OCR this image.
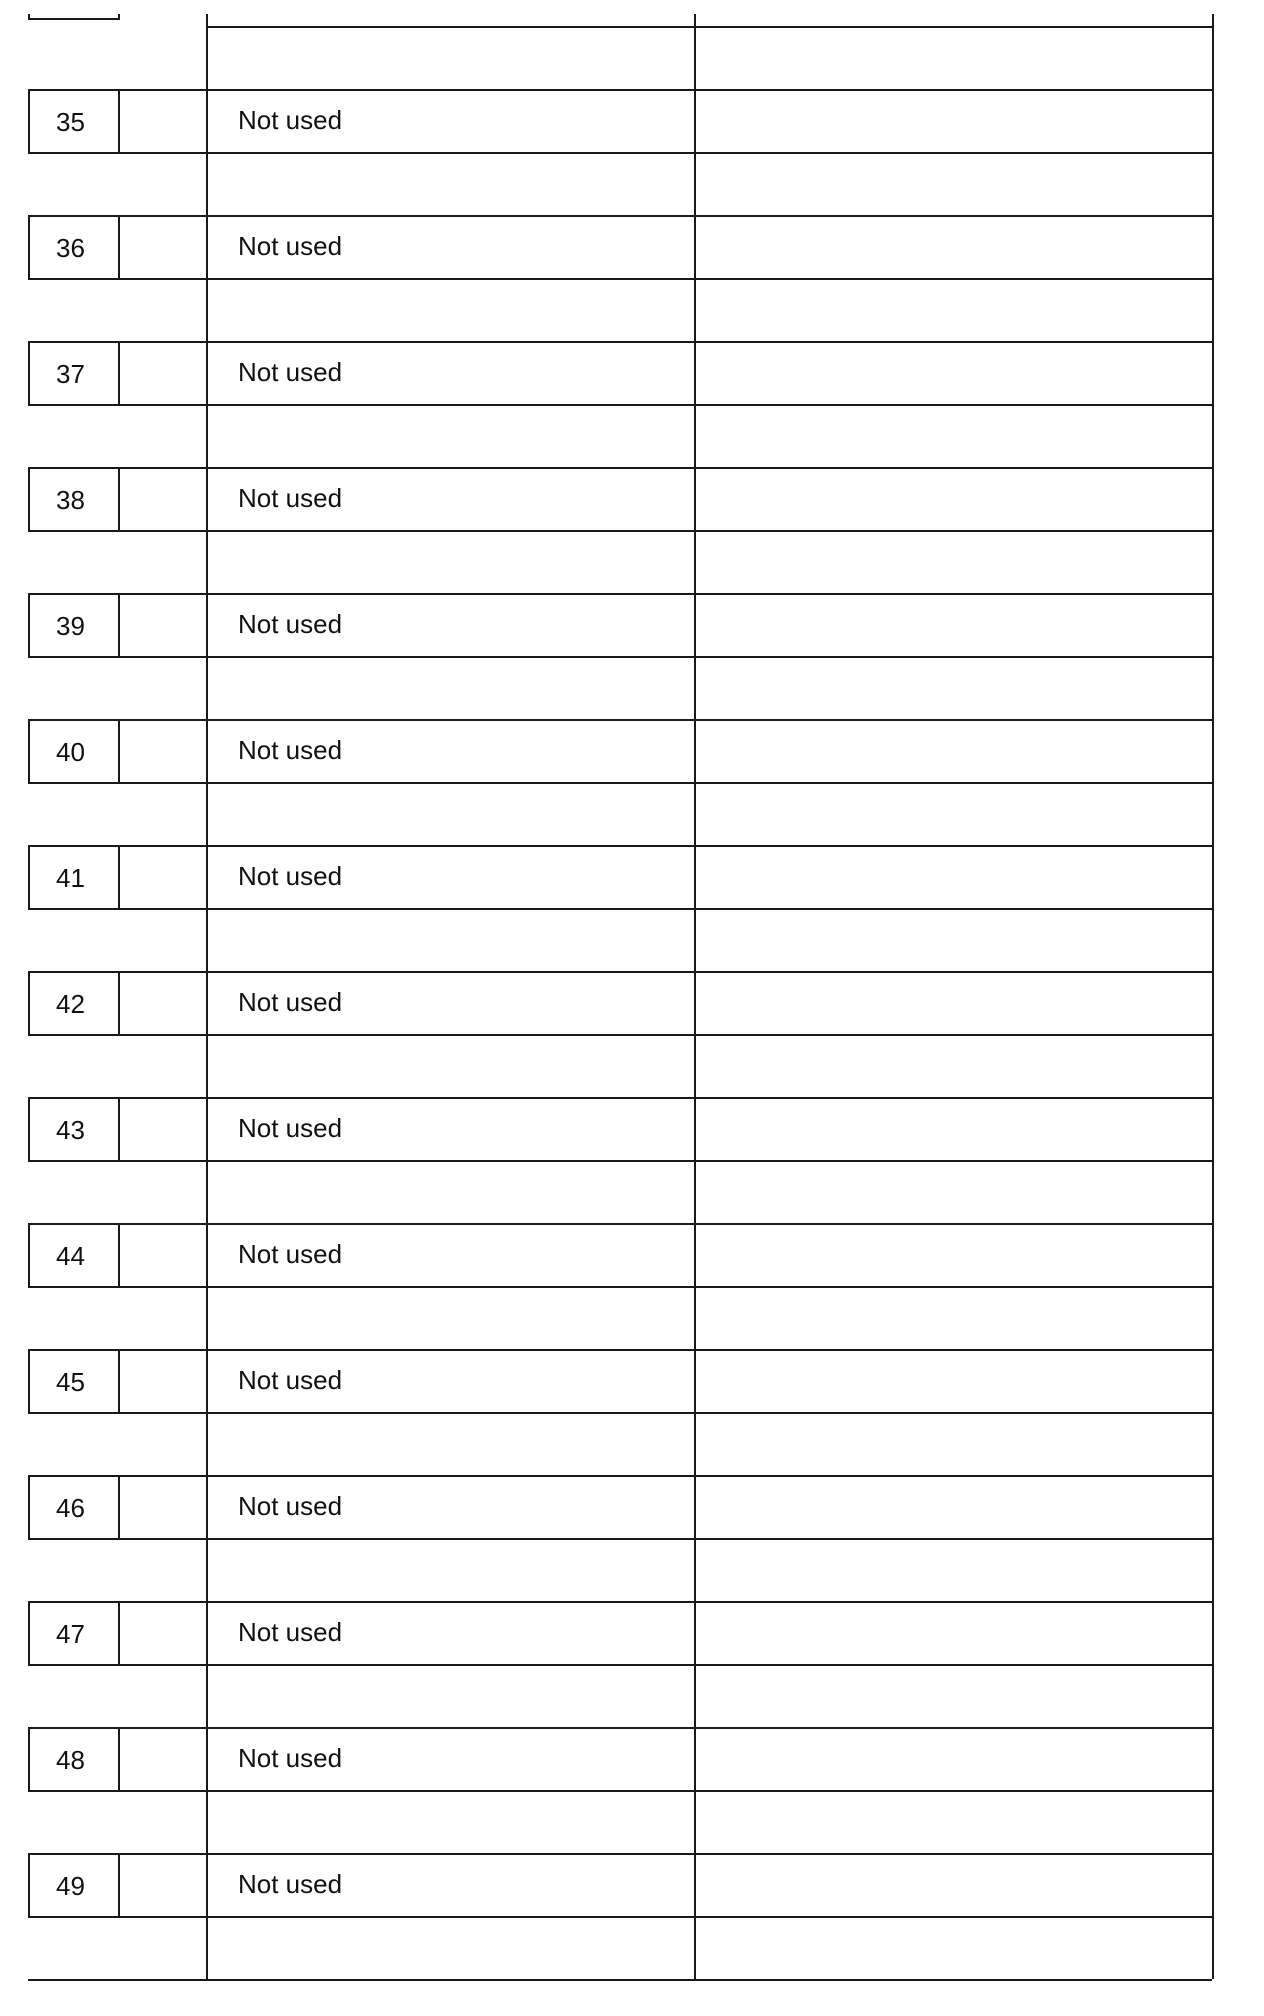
35	Not used
36	Not used
37	Not used
38	Not used
39	Not used
40	Not used
41	Not used
42	Not used
43	Not used
44	Not used
45	Not used
46	Not used
47	Not used
48	Not used
49	Not used
